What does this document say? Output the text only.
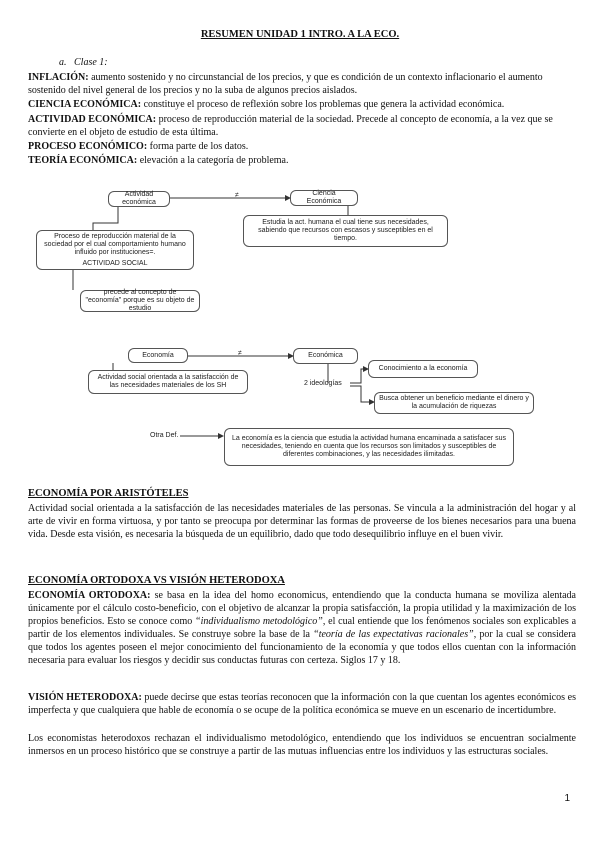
RESUMEN UNIDAD 1 INTRO. A LA ECO.
a. Clase 1:
INFLACIÓN: aumento sostenido y no circunstancial de los precios, y que es condición de un contexto inflacionario el aumento sostenido del nivel general de los precios y no la suba de algunos precios aislados.
CIENCIA ECONÓMICA: constituye el proceso de reflexión sobre los problemas que genera la actividad económica.
ACTIVIDAD ECONÓMICA: proceso de reproducción material de la sociedad. Precede al concepto de economía, a la vez que se convierte en el objeto de estudio de esta última.
PROCESO ECONÓMICO: forma parte de los datos.
TEORÍA ECONÓMICA: elevación a la categoría de problema.
Actividad económica
≠	Ciencia Económica
Proceso de reproducción material de la sociedad por el cual comportamiento humano influido por instituciones=.
ACTIVIDAD SOCIAL
Estudia la act. humana el cual tiene sus necesidades, sabiendo que recursos con escasos y susceptibles en el tiempo.
precede al concepto de "economía" porque es su objeto de estudio
Economía	≠	Económica
Actividad social orientada a la satisfacción de las necesidades materiales de los SH	2 ideologías
Conocimiento a la economía
Busca obtener un beneficio mediante el dinero y la acumulación de riquezas
Otra Def.	La economía es la ciencia que estudia la actividad humana encaminada a satisfacer sus necesidades, teniendo en cuenta que los recursos son limitados y susceptibles de diferentes combinaciones, y las necesidades ilimitadas.
ECONOMÍA POR ARISTÓTELES
Actividad social orientada a la satisfacción de las necesidades materiales de las personas. Se vincula a la administración del hogar y al arte de vivir en forma virtuosa, y por tanto se preocupa por determinar las formas de proveerse de los bienes necesarios para una buena vida. Desde esta visión, es necesaria la búsqueda de un equilibrio, dado que todo desequilibrio influye en el buen vivir.
ECONOMÍA ORTODOXA VS VISIÓN HETERODOXA
ECONOMÍA ORTODOXA: se basa en la idea del homo economicus, entendiendo que la conducta humana se moviliza alentada únicamente por el cálculo costo-beneficio, con el objetivo de alcanzar la propia satisfacción, la propia utilidad y la maximización de los propios beneficios. Esto se conoce como “individualismo metodológico”, el cual entiende que los fenómenos sociales son explicables a partir de los elementos individuales. Se construye sobre la base de la “teoría de las expectativas racionales”, por la cual se considera que todos los agentes poseen el mejor conocimiento del funcionamiento de la economía y que todos ellos cuentan con la información necesaria para evaluar los riesgos y decidir sus conductas futuras con certeza. Siglos 17 y 18.
VISIÓN HETERODOXA: puede decirse que estas teorías reconocen que la información con la que cuentan los agentes económicos es imperfecta y que cualquiera que hable de economía o se ocupe de la política económica se mueve en un escenario de incertidumbre.
Los economistas heterodoxos rechazan el individualismo metodológico, entendiendo que los individuos se encuentran socialmente inmersos en un proceso histórico que se construye a partir de las mutuas influencias entre los individuos y las estructuras sociales.
1
